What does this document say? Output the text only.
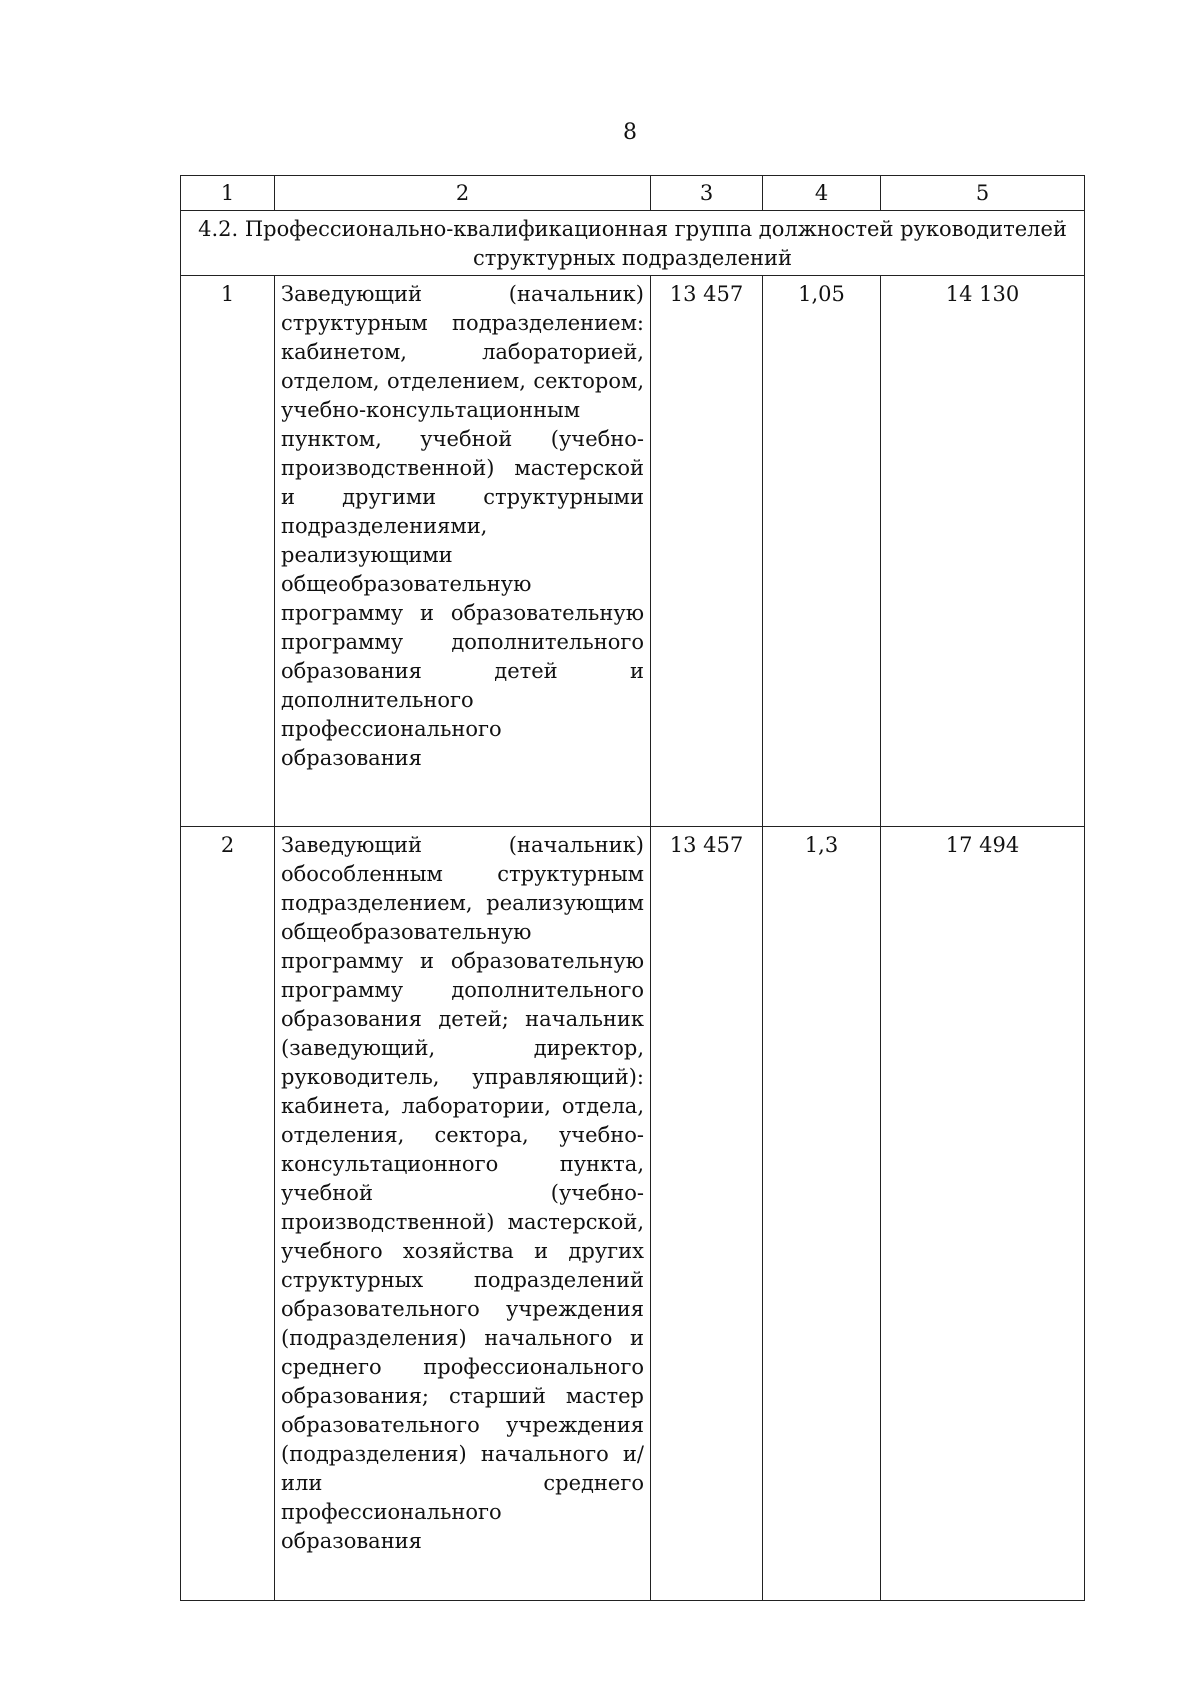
8
1	2	3	4	5
4.2. Профессионально-квалификационная группа должностей руководителей структурных подразделений				
1	Заведующий (начальник) структурным подразделением: кабинетом, лабораторией, отделом, отделением, сектором, учебно-консультационным пунктом, учебной (учебно-производственной) мастерской и другими структурными подразделениями, реализующими общеобразовательную программу и образовательную программу дополнительного образования детей и дополнительного профессионального образования	13 457	1,05	14 130
2	Заведующий (начальник) обособленным структурным подразделением, реализующим общеобразовательную программу и образовательную программу дополнительного образования детей; начальник (заведующий, директор, руководитель, управляющий): кабинета, лаборатории, отдела, отделения, сектора, учебно-консультационного пункта, учебной (учебно-производственной) мастерской, учебного хозяйства и других структурных подразделений образовательного учреждения (подразделения) начального и среднего профессионального образования; старший мастер образовательного учреждения (подразделения) начального и/или среднего профессионального образования	13 457	1,3	17 494
